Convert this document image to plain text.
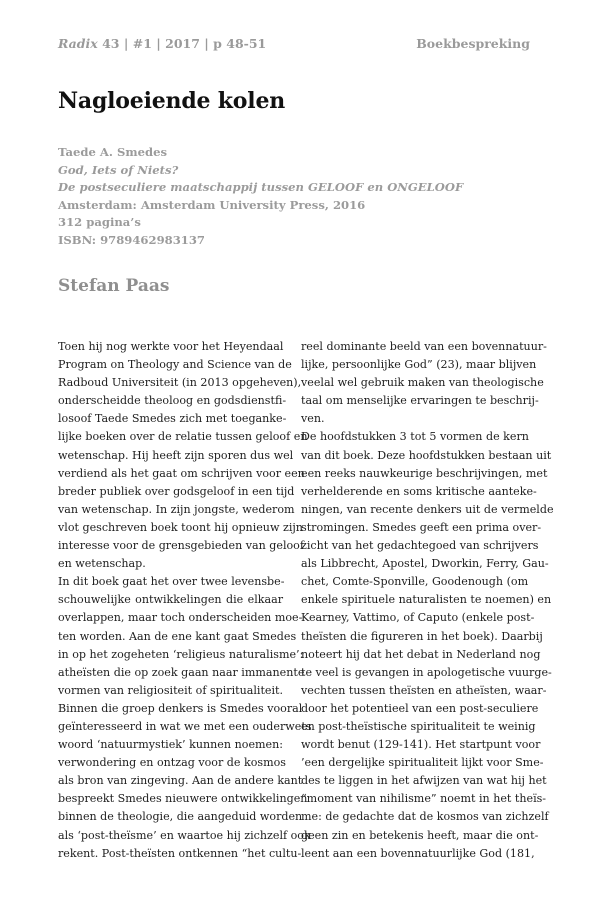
Radix 43 | #1 | 2017 | p 48-51	Boekbespreking
Nagloeiende kolen
Taede A. Smedes
God, Iets of Niets?
De postseculiere maatschappij tussen GELOOF en ONGELOOF
Amsterdam: Amsterdam University Press, 2016
312 pagina’s
ISBN: 9789462983137
Stefan Paas
Toen hij nog werkte voor het Heyendaal
Program on Theology and Science van de
Radboud Universiteit (in 2013 opgeheven),
onderscheidde theoloog en godsdienstfi-
losoof Taede Smedes zich met toeganke-
lijke boeken over de relatie tussen geloof en
wetenschap. Hij heeft zijn sporen dus wel
verdiend als het gaat om schrijven voor een
breder publiek over godsgeloof in een tijd
van wetenschap. In zijn jongste, wederom
vlot geschreven boek toont hij opnieuw zijn
interesse voor de grensgebieden van geloof
en wetenschap.
In dit boek gaat het over twee levensbe-
schouwelijke ontwikkelingen die elkaar
overlappen, maar toch onderscheiden moe-
ten worden. Aan de ene kant gaat Smedes
in op het zogeheten ‘religieus naturalisme’:
atheïsten die op zoek gaan naar immanente
vormen van religiositeit of spiritualiteit.
Binnen die groep denkers is Smedes vooral
geïnteresseerd in wat we met een ouderwets
woord ‘natuurmystiek’ kunnen noemen:
verwondering en ontzag voor de kosmos
als bron van zingeving. Aan de andere kant
bespreekt Smedes nieuwere ontwikkelingen
binnen de theologie, die aangeduid worden
als ‘post-theïsme’ en waartoe hij zichzelf ook
rekent. Post-theïsten ontkennen “het cultu-
reel dominante beeld van een bovennatuur-
lijke, persoonlijke God” (23), maar blijven
veelal wel gebruik maken van theologische
taal om menselijke ervaringen te beschrij-
ven.
De hoofdstukken 3 tot 5 vormen de kern
van dit boek. Deze hoofdstukken bestaan uit
een reeks nauwkeurige beschrijvingen, met
verhelderende en soms kritische aanteke-
ningen, van recente denkers uit de vermelde
stromingen. Smedes geeft een prima over-
zicht van het gedachtegoed van schrijvers
als Libbrecht, Apostel, Dworkin, Ferry, Gau-
chet, Comte-Sponville, Goodenough (om
enkele spirituele naturalisten te noemen) en
Kearney, Vattimo, of Caputo (enkele post-
theïsten die figureren in het boek). Daarbij
noteert hij dat het debat in Nederland nog
te veel is gevangen in apologetische vuurge-
vechten tussen theïsten en atheïsten, waar-
door het potentieel van een post-seculiere
en post-theïstische spiritualiteit te weinig
wordt benut (129-141). Het startpunt voor
’een dergelijke spiritualiteit lijkt voor Sme-
des te liggen in het afwijzen van wat hij het
“moment van nihilisme” noemt in het theïs-
me: de gedachte dat de kosmos van zichzelf
geen zin en betekenis heeft, maar die ont-
leent aan een bovennatuurlijke God (181,
